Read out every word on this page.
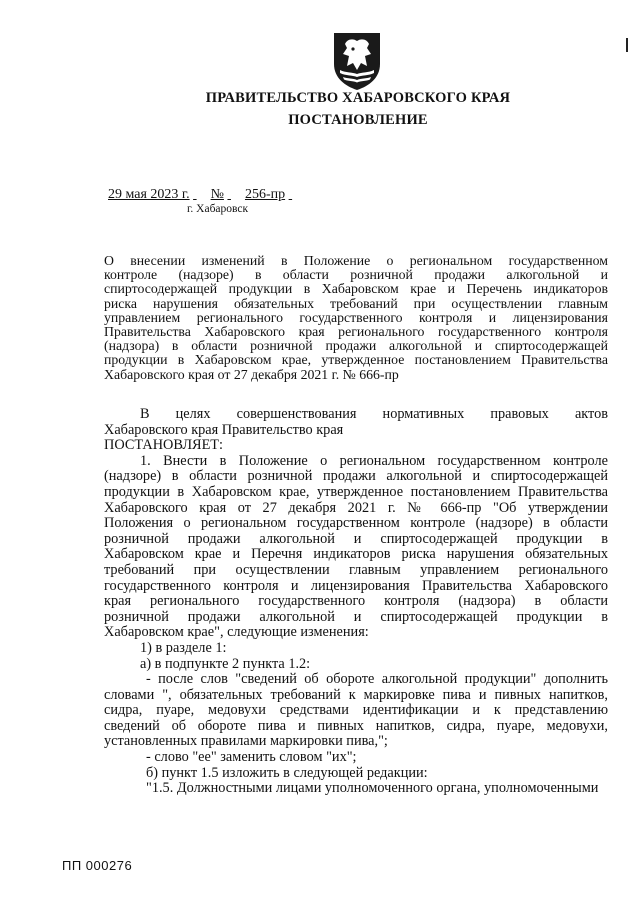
ПРАВИТЕЛЬСТВО ХАБАРОВСКОГО КРАЯ
ПОСТАНОВЛЕНИЕ
29 мая 2023 г. № 256-пр
г. Хабаровск
О внесении изменений в Положение о региональном государственном
контроле (надзоре) в области розничной продажи алкогольной и
спиртосодержащей продукции в Хабаровском крае и Перечень индикаторов
риска нарушения обязательных требований при осуществлении главным
управлением регионального государственного контроля и лицензирования
Правительства Хабаровского края регионального государственного контроля
(надзора) в области розничной продажи алкогольной и спиртосодержащей
продукции в Хабаровском крае, утвержденное постановлением Правительства
Хабаровского края от 27 декабря 2021 г. № 666-пр
В целях совершенствования нормативных правовых актов
Хабаровского края Правительство края
ПОСТАНОВЛЯЕТ:
1. Внести в Положение о региональном государственном контроле
(надзоре) в области розничной продажи алкогольной и спиртосодержащей
продукции в Хабаровском крае, утвержденное постановлением Правительства
Хабаровского края от 27 декабря 2021 г. № 666-пр "Об утверждении
Положения о региональном государственном контроле (надзоре) в области
розничной продажи алкогольной и спиртосодержащей продукции в
Хабаровском крае и Перечня индикаторов риска нарушения обязательных
требований при осуществлении главным управлением регионального
государственного контроля и лицензирования Правительства Хабаровского
края регионального государственного контроля (надзора) в области
розничной продажи алкогольной и спиртосодержащей продукции в
Хабаровском крае", следующие изменения:
1) в разделе 1:
а) в подпункте 2 пункта 1.2:
- после слов "сведений об обороте алкогольной продукции" дополнить
словами ", обязательных требований к маркировке пива и пивных напитков,
сидра, пуаре, медовухи средствами идентификации и к представлению
сведений об обороте пива и пивных напитков, сидра, пуаре, медовухи,
установленных правилами маркировки пива,";
- слово "ее" заменить словом "их";
б) пункт 1.5 изложить в следующей редакции:
"1.5. Должностными лицами уполномоченного органа, уполномоченными
ПП 000276
